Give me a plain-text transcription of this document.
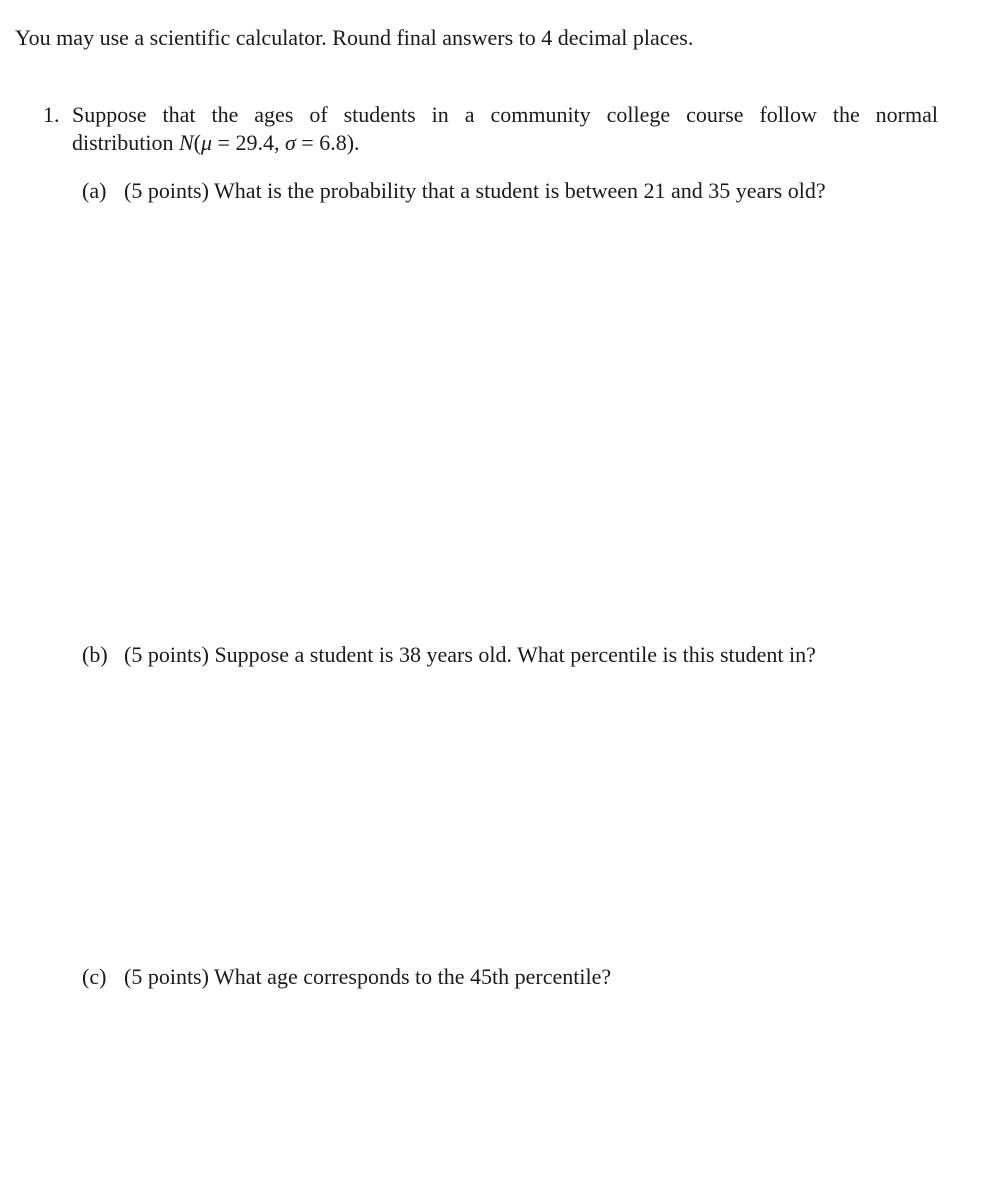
You may use a scientific calculator. Round final answers to 4 decimal places.
1. Suppose that the ages of students in a community college course follow the normal
distribution N(μ = 29.4, σ = 6.8).
(a) (5 points) What is the probability that a student is between 21 and 35 years old?
(b) (5 points) Suppose a student is 38 years old. What percentile is this student in?
(c) (5 points) What age corresponds to the 45th percentile?
